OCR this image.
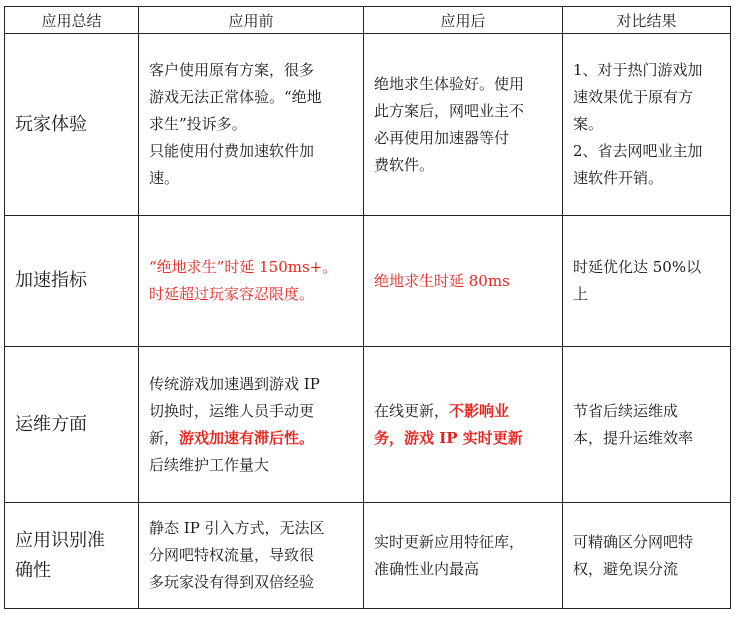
应用总结	应用前	应用后	对比结果
玩家体验	客户使用原有方案，很多
游戏无法正常体验。“绝地
求生”投诉多。
只能使用付费加速软件加
速。	绝地求生体验好。使用
此方案后，网吧业主不
必再使用加速器等付
费软件。	1、对于热门游戏加
速效果优于原有方
案。
2、省去网吧业主加
速软件开销。

加速指标	“绝地求生”时延 150ms+。
时延超过玩家容忍限度。	绝地求生时延 80ms	时延优化达 50%以
上

运维方面	传统游戏加速遇到游戏 IP
切换时，运维人员手动更
新，游戏加速有滞后性。
后续维护工作量大	在线更新，不影响业
务，游戏 IP 实时更新	节省后续运维成
本，提升运维效率

应用识别准
确性	静态 IP 引入方式，无法区
分网吧特权流量，导致很
多玩家没有得到双倍经验	实时更新应用特征库，
准确性业内最高	可精确区分网吧特
权，避免误分流
